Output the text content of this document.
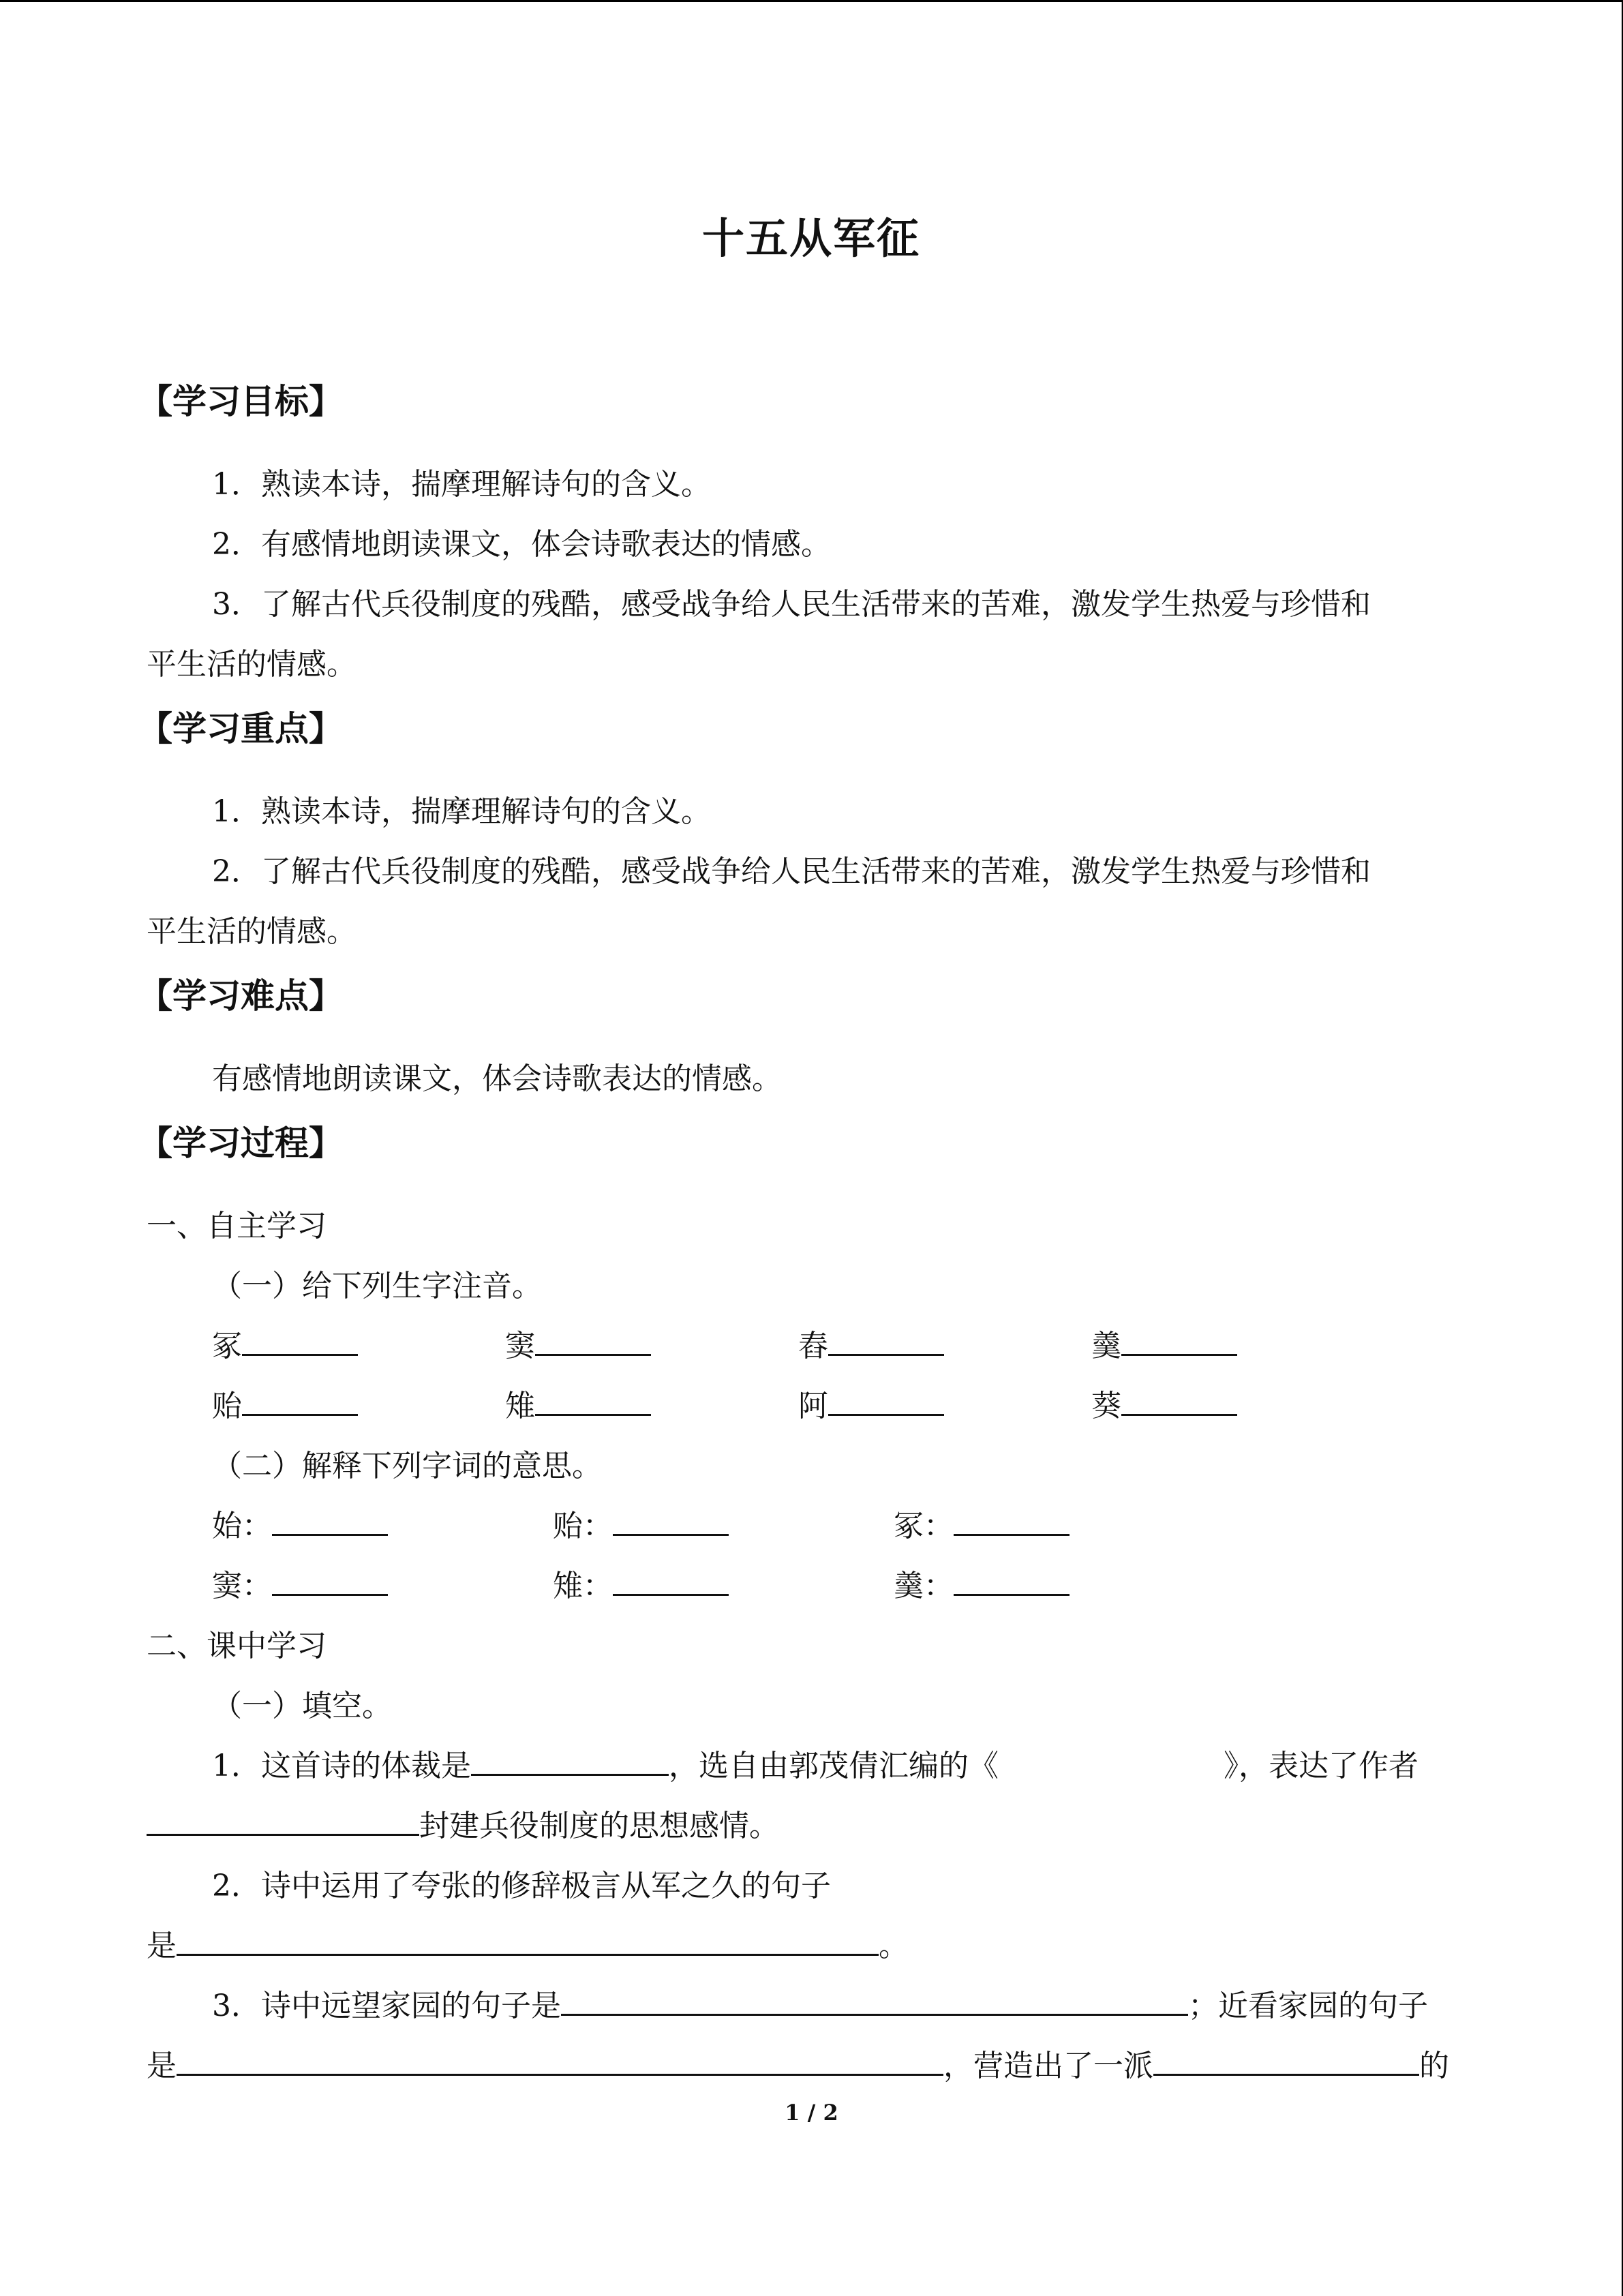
十五从军征
【学习目标】

1．熟读本诗，揣摩理解诗句的含义。

2．有感情地朗读课文，体会诗歌表达的情感。

3．了解古代兵役制度的残酷，感受战争给人民生活带来的苦难，激发学生热爱与珍惜和

平生活的情感。

【学习重点】

1．熟读本诗，揣摩理解诗句的含义。

2．了解古代兵役制度的残酷，感受战争给人民生活带来的苦难，激发学生热爱与珍惜和

平生活的情感。

【学习难点】

有感情地朗读课文，体会诗歌表达的情感。

【学习过程】

一、自主学习

（一）给下列生字注音。

冢	窦	舂	羹
贻	雉	阿	葵

（二）解释下列字词的意思。

始：	贻：	冢：
窦：	雉：	羹：

二、课中学习

（一）填空。

1．这首诗的体裁是	，选自由郭茂倩汇编的《	》，表达了作者

封建兵役制度的思想感情。

2．诗中运用了夸张的修辞极言从军之久的句子

是	。

3．诗中远望家园的句子是	；近看家园的句子

是	，营造出了一派	的

1 / 2
